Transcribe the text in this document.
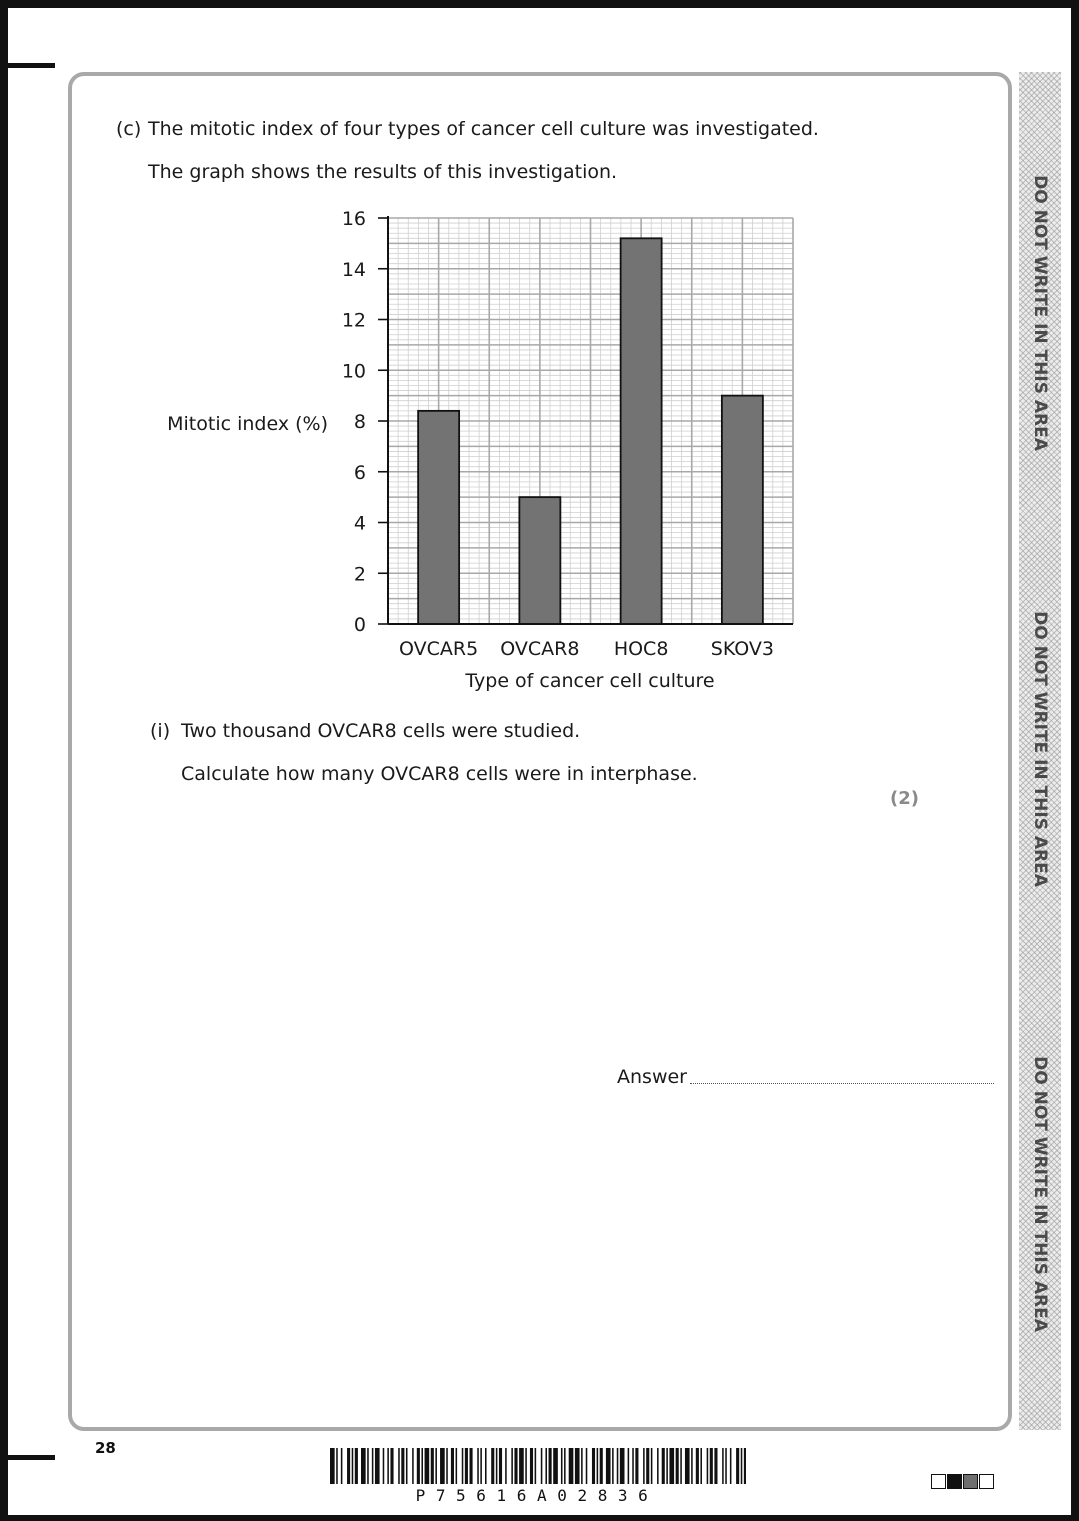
DO NOT WRITE IN THIS AREA
DO NOT WRITE IN THIS AREA
DO NOT WRITE IN THIS AREA
(c) The mitotic index of four types of cancer cell culture was investigated.
The graph shows the results of this investigation.
0
2
4
6
8
10
12
14
16
OVCAR5 OVCAR8 HOC8 SKOV3
Mitotic index (%)
Type of cancer cell culture
(i) Two thousand OVCAR8 cells were studied.
Calculate how many OVCAR8 cells were in interphase.
(2)
Answer
28
P75616A02836
